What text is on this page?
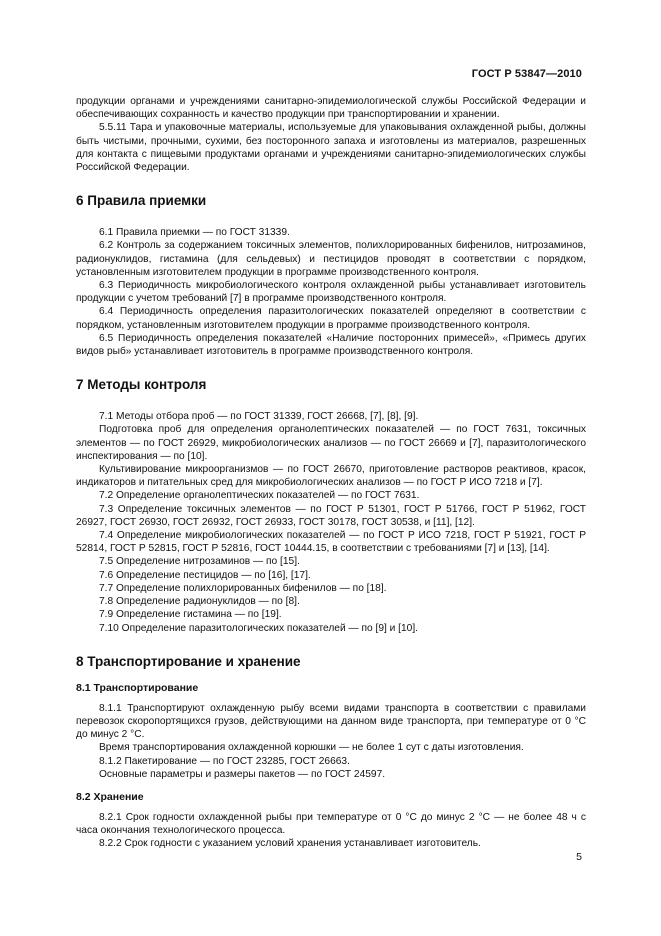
ГОСТ Р 53847—2010

продукции органами и учреждениями санитарно-эпидемиологической службы Российской Федерации и обеспечивающих сохранность и качество продукции при транспортировании и хранении.

5.5.11 Тара и упаковочные материалы, используемые для упаковывания охлажденной рыбы, должны быть чистыми, прочными, сухими, без посторонного запаха и изготовлены из материалов, разрешенных для контакта с пищевыми продуктами органами и учреждениями санитарно-эпидемиологических службы Российской Федерации.

6 Правила приемки

6.1 Правила приемки — по ГОСТ 31339.

6.2 Контроль за содержанием токсичных элементов, полихлорированных бифенилов, нитрозаминов, радионуклидов, гистамина (для сельдевых) и пестицидов проводят в соответствии с порядком, установленным изготовителем продукции в программе производственного контроля.

6.3 Периодичность микробиологического контроля охлажденной рыбы устанавливает изготовитель продукции с учетом требований [7] в программе производственного контроля.

6.4 Периодичность определения паразитологических показателей определяют в соответствии с порядком, установленным изготовителем продукции в программе производственного контроля.

6.5 Периодичность определения показателей «Наличие посторонних примесей», «Примесь других видов рыб» устанавливает изготовитель в программе производственного контроля.

7 Методы контроля

7.1 Методы отбора проб — по ГОСТ 31339, ГОСТ 26668, [7], [8], [9].

Подготовка проб для определения органолептических показателей — по ГОСТ 7631, токсичных элементов — по ГОСТ 26929, микробиологических анализов — по ГОСТ 26669 и [7], паразитологического инспектирования — по [10].

Культивирование микроорганизмов — по ГОСТ 26670, приготовление растворов реактивов, красок, индикаторов и питательных сред для микробиологических анализов — по ГОСТ Р ИСО 7218 и [7].

7.2 Определение органолептических показателей — по ГОСТ 7631.

7.3 Определение токсичных элементов — по ГОСТ Р 51301, ГОСТ Р 51766, ГОСТ Р 51962, ГОСТ 26927, ГОСТ 26930, ГОСТ 26932, ГОСТ 26933, ГОСТ 30178, ГОСТ 30538, и [11], [12].

7.4 Определение микробиологических показателей — по ГОСТ Р ИСО 7218, ГОСТ Р 51921, ГОСТ Р 52814, ГОСТ Р 52815, ГОСТ Р 52816, ГОСТ 10444.15, в соответствии с требованиями [7] и [13], [14].

7.5 Определение нитрозаминов — по [15].

7.6 Определение пестицидов — по [16], [17].

7.7 Определение полихлорированных бифенилов — по [18].

7.8 Определение радионуклидов — по [8].

7.9 Определение гистамина — по [19].

7.10 Определение паразитологических показателей — по [9] и [10].

8 Транспортирование и хранение

8.1 Транспортирование

8.1.1 Транспортируют охлажденную рыбу всеми видами транспорта в соответствии с правилами перевозок скоропортящихся грузов, действующими на данном виде транспорта, при температуре от 0 °С до минус 2 °С.

Время транспортирования охлажденной корюшки — не более 1 сут с даты изготовления.

8.1.2 Пакетирование — по ГОСТ 23285, ГОСТ 26663.

Основные параметры и размеры пакетов — по ГОСТ 24597.

8.2 Хранение

8.2.1 Срок годности охлажденной рыбы при температуре от 0 °С до минус 2 °С — не более 48 ч с часа окончания технологического процесса.

8.2.2 Срок годности с указанием условий хранения устанавливает изготовитель.

5
